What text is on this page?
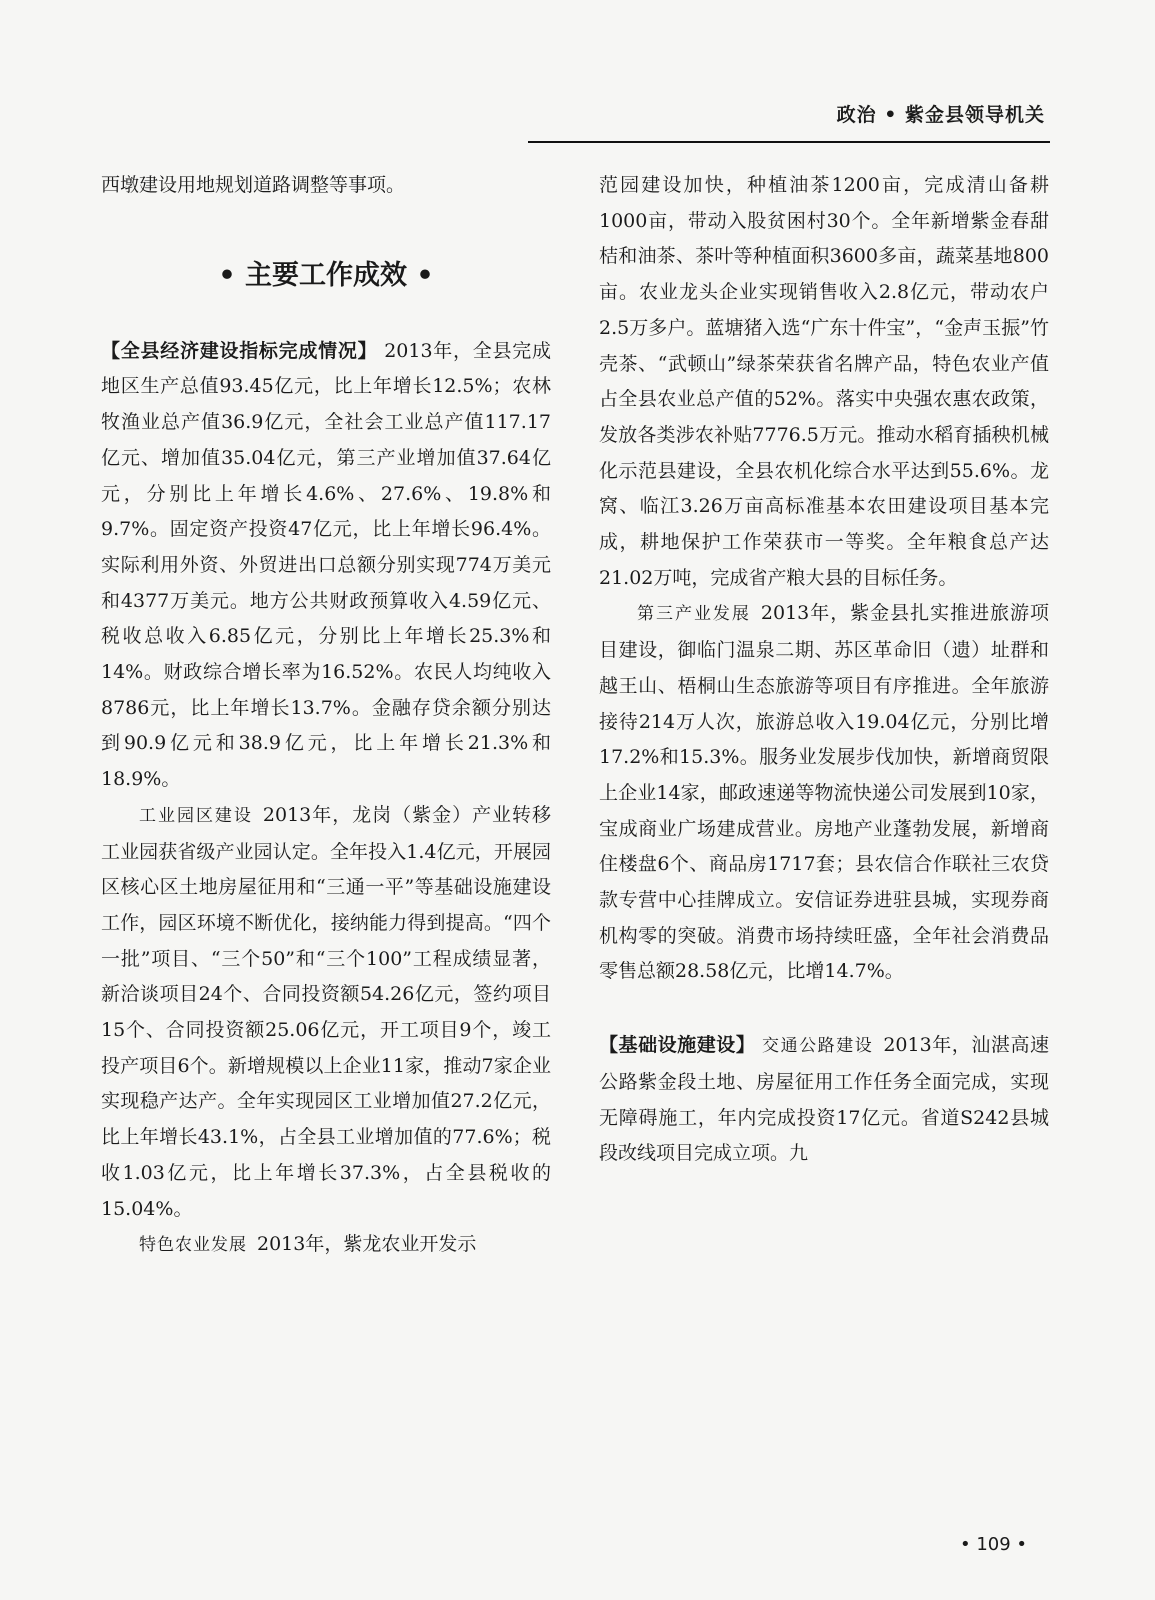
政治 • 紫金县领导机关

西墩建设用地规划道路调整等事项。

• 主要工作成效 •

【全县经济建设指标完成情况】 2013年，全县完成地区生产总值93.45亿元，比上年增长12.5%；农林牧渔业总产值36.9亿元，全社会工业总产值117.17亿元、增加值35.04亿元，第三产业增加值37.64亿元，分别比上年增长4.6%、27.6%、19.8%和9.7%。固定资产投资47亿元，比上年增长96.4%。实际利用外资、外贸进出口总额分别实现774万美元和4377万美元。地方公共财政预算收入4.59亿元、税收总收入6.85亿元，分别比上年增长25.3%和14%。财政综合增长率为16.52%。农民人均纯收入8786元，比上年增长13.7%。金融存贷余额分别达到90.9亿元和38.9亿元，比上年增长21.3%和18.9%。

工业园区建设 2013年，龙岗（紫金）产业转移工业园获省级产业园认定。全年投入1.4亿元，开展园区核心区土地房屋征用和“三通一平”等基础设施建设工作，园区环境不断优化，接纳能力得到提高。“四个一批”项目、“三个50”和“三个100”工程成绩显著，新洽谈项目24个、合同投资额54.26亿元，签约项目15个、合同投资额25.06亿元，开工项目9个，竣工投产项目6个。新增规模以上企业11家，推动7家企业实现稳产达产。全年实现园区工业增加值27.2亿元，比上年增长43.1%，占全县工业增加值的77.6%；税收1.03亿元，比上年增长37.3%，占全县税收的15.04%。

特色农业发展 2013年，紫龙农业开发示

范园建设加快，种植油茶1200亩，完成清山备耕1000亩，带动入股贫困村30个。全年新增紫金春甜桔和油茶、茶叶等种植面积3600多亩，蔬菜基地800亩。农业龙头企业实现销售收入2.8亿元，带动农户2.5万多户。蓝塘猪入选“广东十件宝”，“金声玉振”竹壳茶、“武顿山”绿茶荣获省名牌产品，特色农业产值占全县农业总产值的52%。落实中央强农惠农政策，发放各类涉农补贴7776.5万元。推动水稻育插秧机械化示范县建设，全县农机化综合水平达到55.6%。龙窝、临江3.26万亩高标准基本农田建设项目基本完成，耕地保护工作荣获市一等奖。全年粮食总产达21.02万吨，完成省产粮大县的目标任务。

第三产业发展 2013年，紫金县扎实推进旅游项目建设，御临门温泉二期、苏区革命旧（遗）址群和越王山、梧桐山生态旅游等项目有序推进。全年旅游接待214万人次，旅游总收入19.04亿元，分别比增17.2%和15.3%。服务业发展步伐加快，新增商贸限上企业14家，邮政速递等物流快递公司发展到10家，宝成商业广场建成营业。房地产业蓬勃发展，新增商住楼盘6个、商品房1717套；县农信合作联社三农贷款专营中心挂牌成立。安信证券进驻县城，实现券商机构零的突破。消费市场持续旺盛，全年社会消费品零售总额28.58亿元，比增14.7%。

【基础设施建设】 交通公路建设 2013年，汕湛高速公路紫金段土地、房屋征用工作任务全面完成，实现无障碍施工，年内完成投资17亿元。省道S242县城段改线项目完成立项。九

• 109 •
